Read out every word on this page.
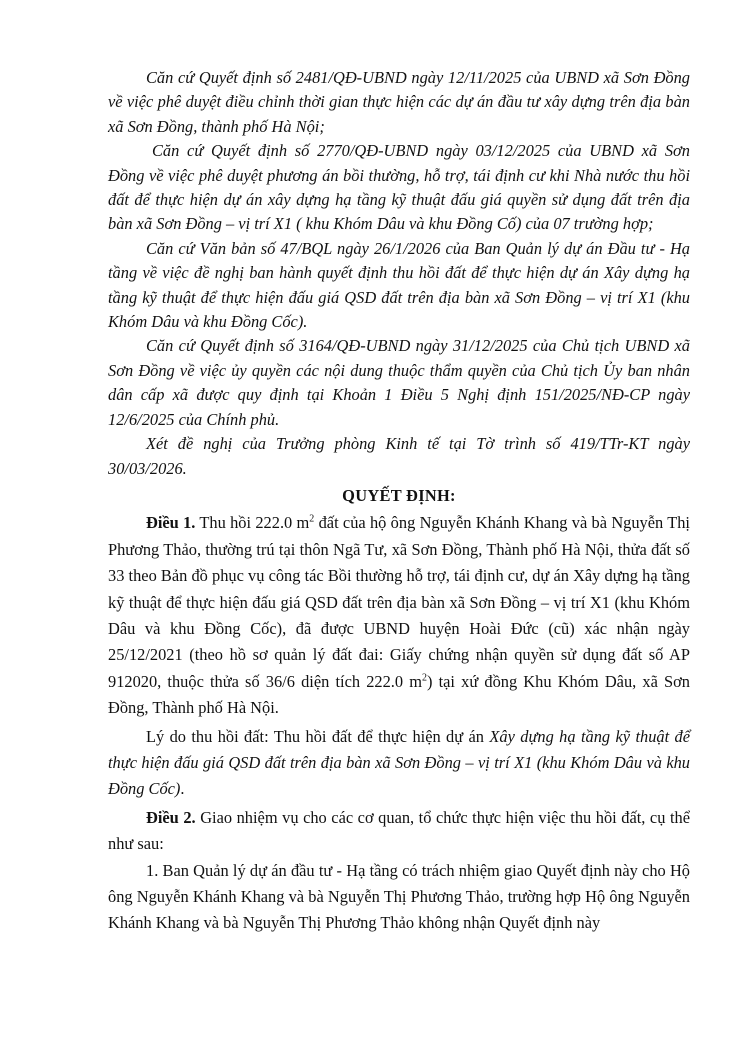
Căn cứ Quyết định số 2481/QĐ-UBND ngày 12/11/2025 của UBND xã Sơn Đồng về việc phê duyệt điều chỉnh thời gian thực hiện các dự án đầu tư xây dựng trên địa bàn xã Sơn Đồng, thành phố Hà Nội;

Căn cứ Quyết định số 2770/QĐ-UBND ngày 03/12/2025 của UBND xã Sơn Đồng về việc phê duyệt phương án bồi thường, hỗ trợ, tái định cư khi Nhà nước thu hồi đất để thực hiện dự án xây dựng hạ tầng kỹ thuật đấu giá quyền sử dụng đất trên địa bàn xã Sơn Đồng – vị trí X1 ( khu Khóm Dâu và khu Đồng Cố) của 07 trường hợp;

Căn cứ Văn bản số 47/BQL ngày 26/1/2026 của Ban Quản lý dự án Đầu tư - Hạ tầng về việc đề nghị ban hành quyết định thu hồi đất để thực hiện dự án Xây dựng hạ tầng kỹ thuật để thực hiện đấu giá QSD đất trên địa bàn xã Sơn Đồng – vị trí X1 (khu Khóm Dâu và khu Đồng Cốc).

Căn cứ Quyết định số 3164/QĐ-UBND ngày 31/12/2025 của Chủ tịch UBND xã Sơn Đồng về việc ủy quyền các nội dung thuộc thẩm quyền của Chủ tịch Ủy ban nhân dân cấp xã được quy định tại Khoản 1 Điều 5 Nghị định 151/2025/NĐ-CP ngày 12/6/2025 của Chính phủ.

Xét đề nghị của Trưởng phòng Kinh tế tại Tờ trình số 419/TTr-KT ngày 30/03/2026.

QUYẾT ĐỊNH:

Điều 1. Thu hồi 222.0 $m^2$ đất của hộ ông Nguyễn Khánh Khang và bà Nguyễn Thị Phương Thảo, thường trú tại thôn Ngã Tư, xã Sơn Đồng, Thành phố Hà Nội, thửa đất số 33 theo Bản đồ phục vụ công tác Bồi thường hỗ trợ, tái định cư, dự án Xây dựng hạ tầng kỹ thuật để thực hiện đấu giá QSD đất trên địa bàn xã Sơn Đồng – vị trí X1 (khu Khóm Dâu và khu Đồng Cốc), đã được UBND huyện Hoài Đức (cũ) xác nhận ngày 25/12/2021 (theo hồ sơ quản lý đất đai: Giấy chứng nhận quyền sử dụng đất số AP 912020, thuộc thửa số 36/6 diện tích 222.0 $m^2$) tại xứ đồng Khu Khóm Dâu, xã Sơn Đồng, Thành phố Hà Nội.

Lý do thu hồi đất: Thu hồi đất để thực hiện dự án Xây dựng hạ tầng kỹ thuật để thực hiện đấu giá QSD đất trên địa bàn xã Sơn Đồng – vị trí X1 (khu Khóm Dâu và khu Đồng Cốc).

Điều 2. Giao nhiệm vụ cho các cơ quan, tổ chức thực hiện việc thu hồi đất, cụ thể như sau:

1. Ban Quản lý dự án đầu tư - Hạ tầng có trách nhiệm giao Quyết định này cho Hộ ông Nguyễn Khánh Khang và bà Nguyễn Thị Phương Thảo, trường hợp Hộ ông Nguyễn Khánh Khang và bà Nguyễn Thị Phương Thảo không nhận Quyết định này
